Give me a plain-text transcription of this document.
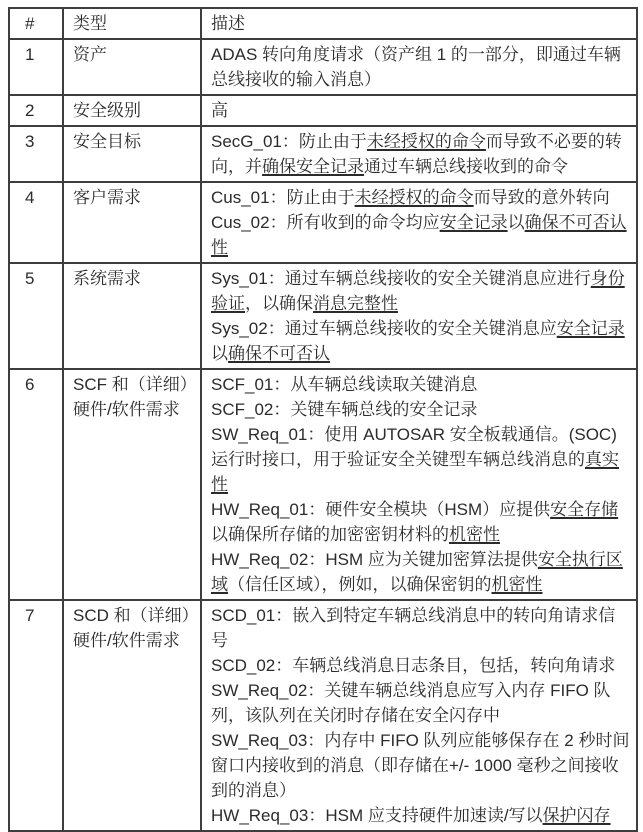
#	类型	描述
1	资产	ADAS 转向角度请求（资产组 1 的一部分，即通过车辆总线接收的输入消息）

2	安全级别	高

3	安全目标	SecG_01：防止由于未经授权的命令而导致不必要的转向，并确保安全记录通过车辆总线接收到的命令

4	客户需求	Cus_01：防止由于未经授权的命令而导致的意外转向
Cus_02：所有收到的命令均应安全记录以确保不可否认性

5	系统需求	Sys_01：通过车辆总线接收的安全关键消息应进行身份验证，以确保消息完整性
Sys_02：通过车辆总线接收的安全关键消息应安全记录以确保不可否认

6	SCF 和（详细）硬件/软件需求	SCF_01：从车辆总线读取关键消息
SCF_02：关键车辆总线的安全记录
SW_Req_01：使用 AUTOSAR 安全板载通信。(SOC)运行时接口，用于验证安全关键型车辆总线消息的真实性
HW_Req_01：硬件安全模块（HSM）应提供安全存储以确保所存储的加密密钥材料的机密性
HW_Req_02：HSM 应为关键加密算法提供安全执行区域（信任区域），例如，以确保密钥的机密性

7	SCD 和（详细）硬件/软件需求	SCD_01：嵌入到特定车辆总线消息中的转向角请求信号
SCD_02：车辆总线消息日志条目，包括，转向角请求
SW_Req_02：关键车辆总线消息应写入内存 FIFO 队列，该队列在关闭时存储在安全闪存中
SW_Req_03：内存中 FIFO 队列应能够保存在 2 秒时间窗口内接收到的消息（即存储在+/- 1000 毫秒之间接收到的消息）
HW_Req_03：HSM 应支持硬件加速读/写以保护闪存
